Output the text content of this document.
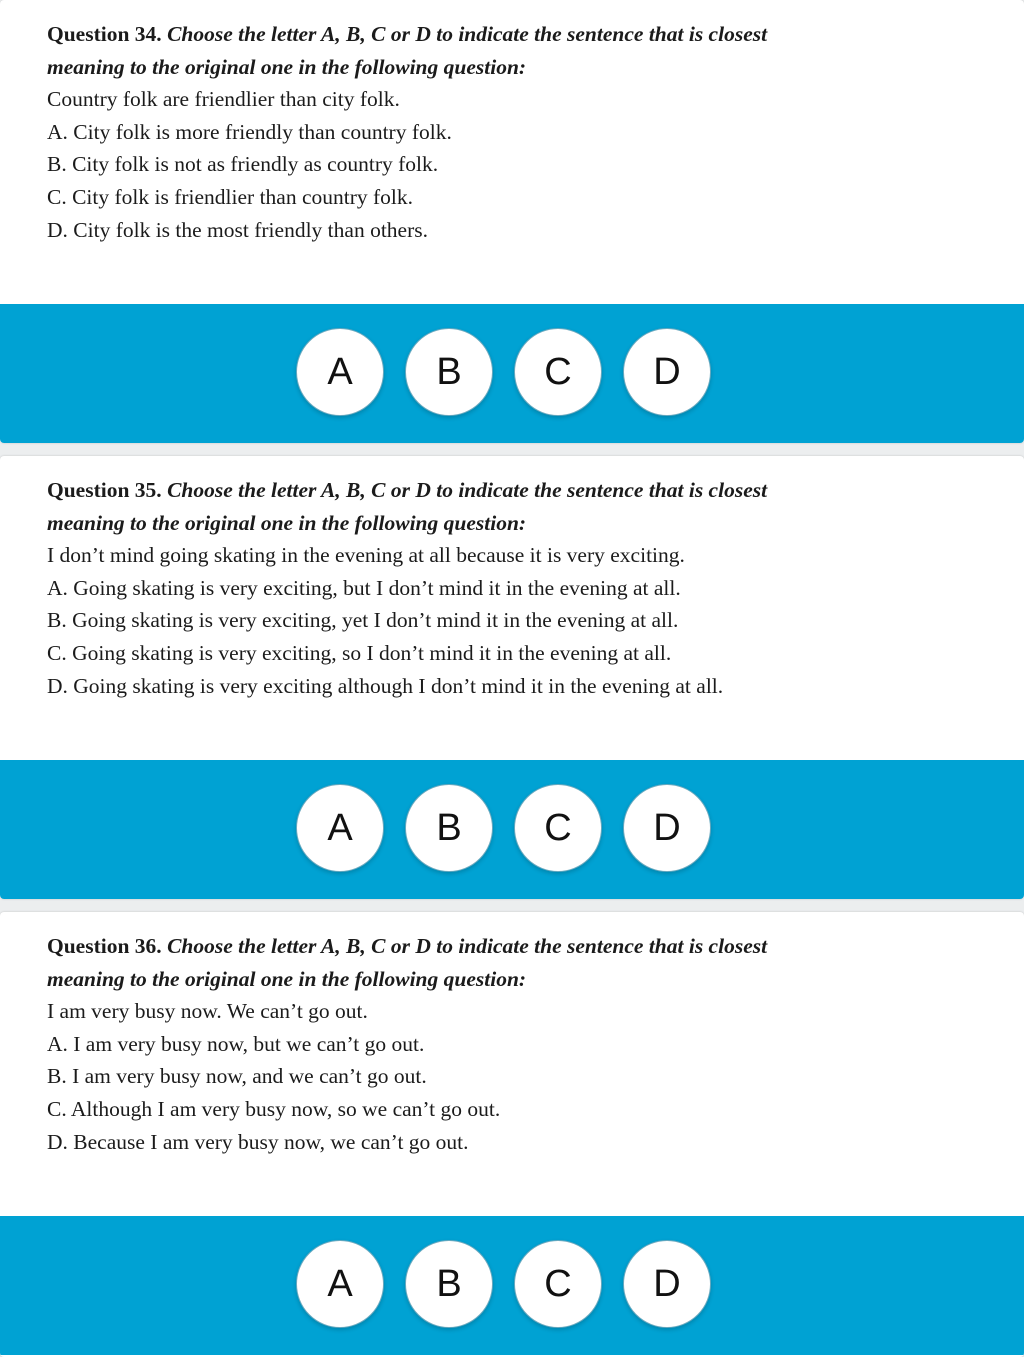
Question 34. Choose the letter A, B, C or D to indicate the sentence that is closest

meaning to the original one in the following question:

Country folk are friendlier than city folk.

A. City folk is more friendly than country folk.

B. City folk is not as friendly as country folk.

C. City folk is friendlier than country folk.

D. City folk is the most friendly than others.

A	B	C	D

Question 35. Choose the letter A, B, C or D to indicate the sentence that is closest

meaning to the original one in the following question:

I don’t mind going skating in the evening at all because it is very exciting.

A. Going skating is very exciting, but I don’t mind it in the evening at all.

B. Going skating is very exciting, yet I don’t mind it in the evening at all.

C. Going skating is very exciting, so I don’t mind it in the evening at all.

D. Going skating is very exciting although I don’t mind it in the evening at all.

A	B	C	D

Question 36. Choose the letter A, B, C or D to indicate the sentence that is closest

meaning to the original one in the following question:

I am very busy now. We can’t go out.

A. I am very busy now, but we can’t go out.

B. I am very busy now, and we can’t go out.

C. Although I am very busy now, so we can’t go out.

D. Because I am very busy now, we can’t go out.

A	B	C	D
